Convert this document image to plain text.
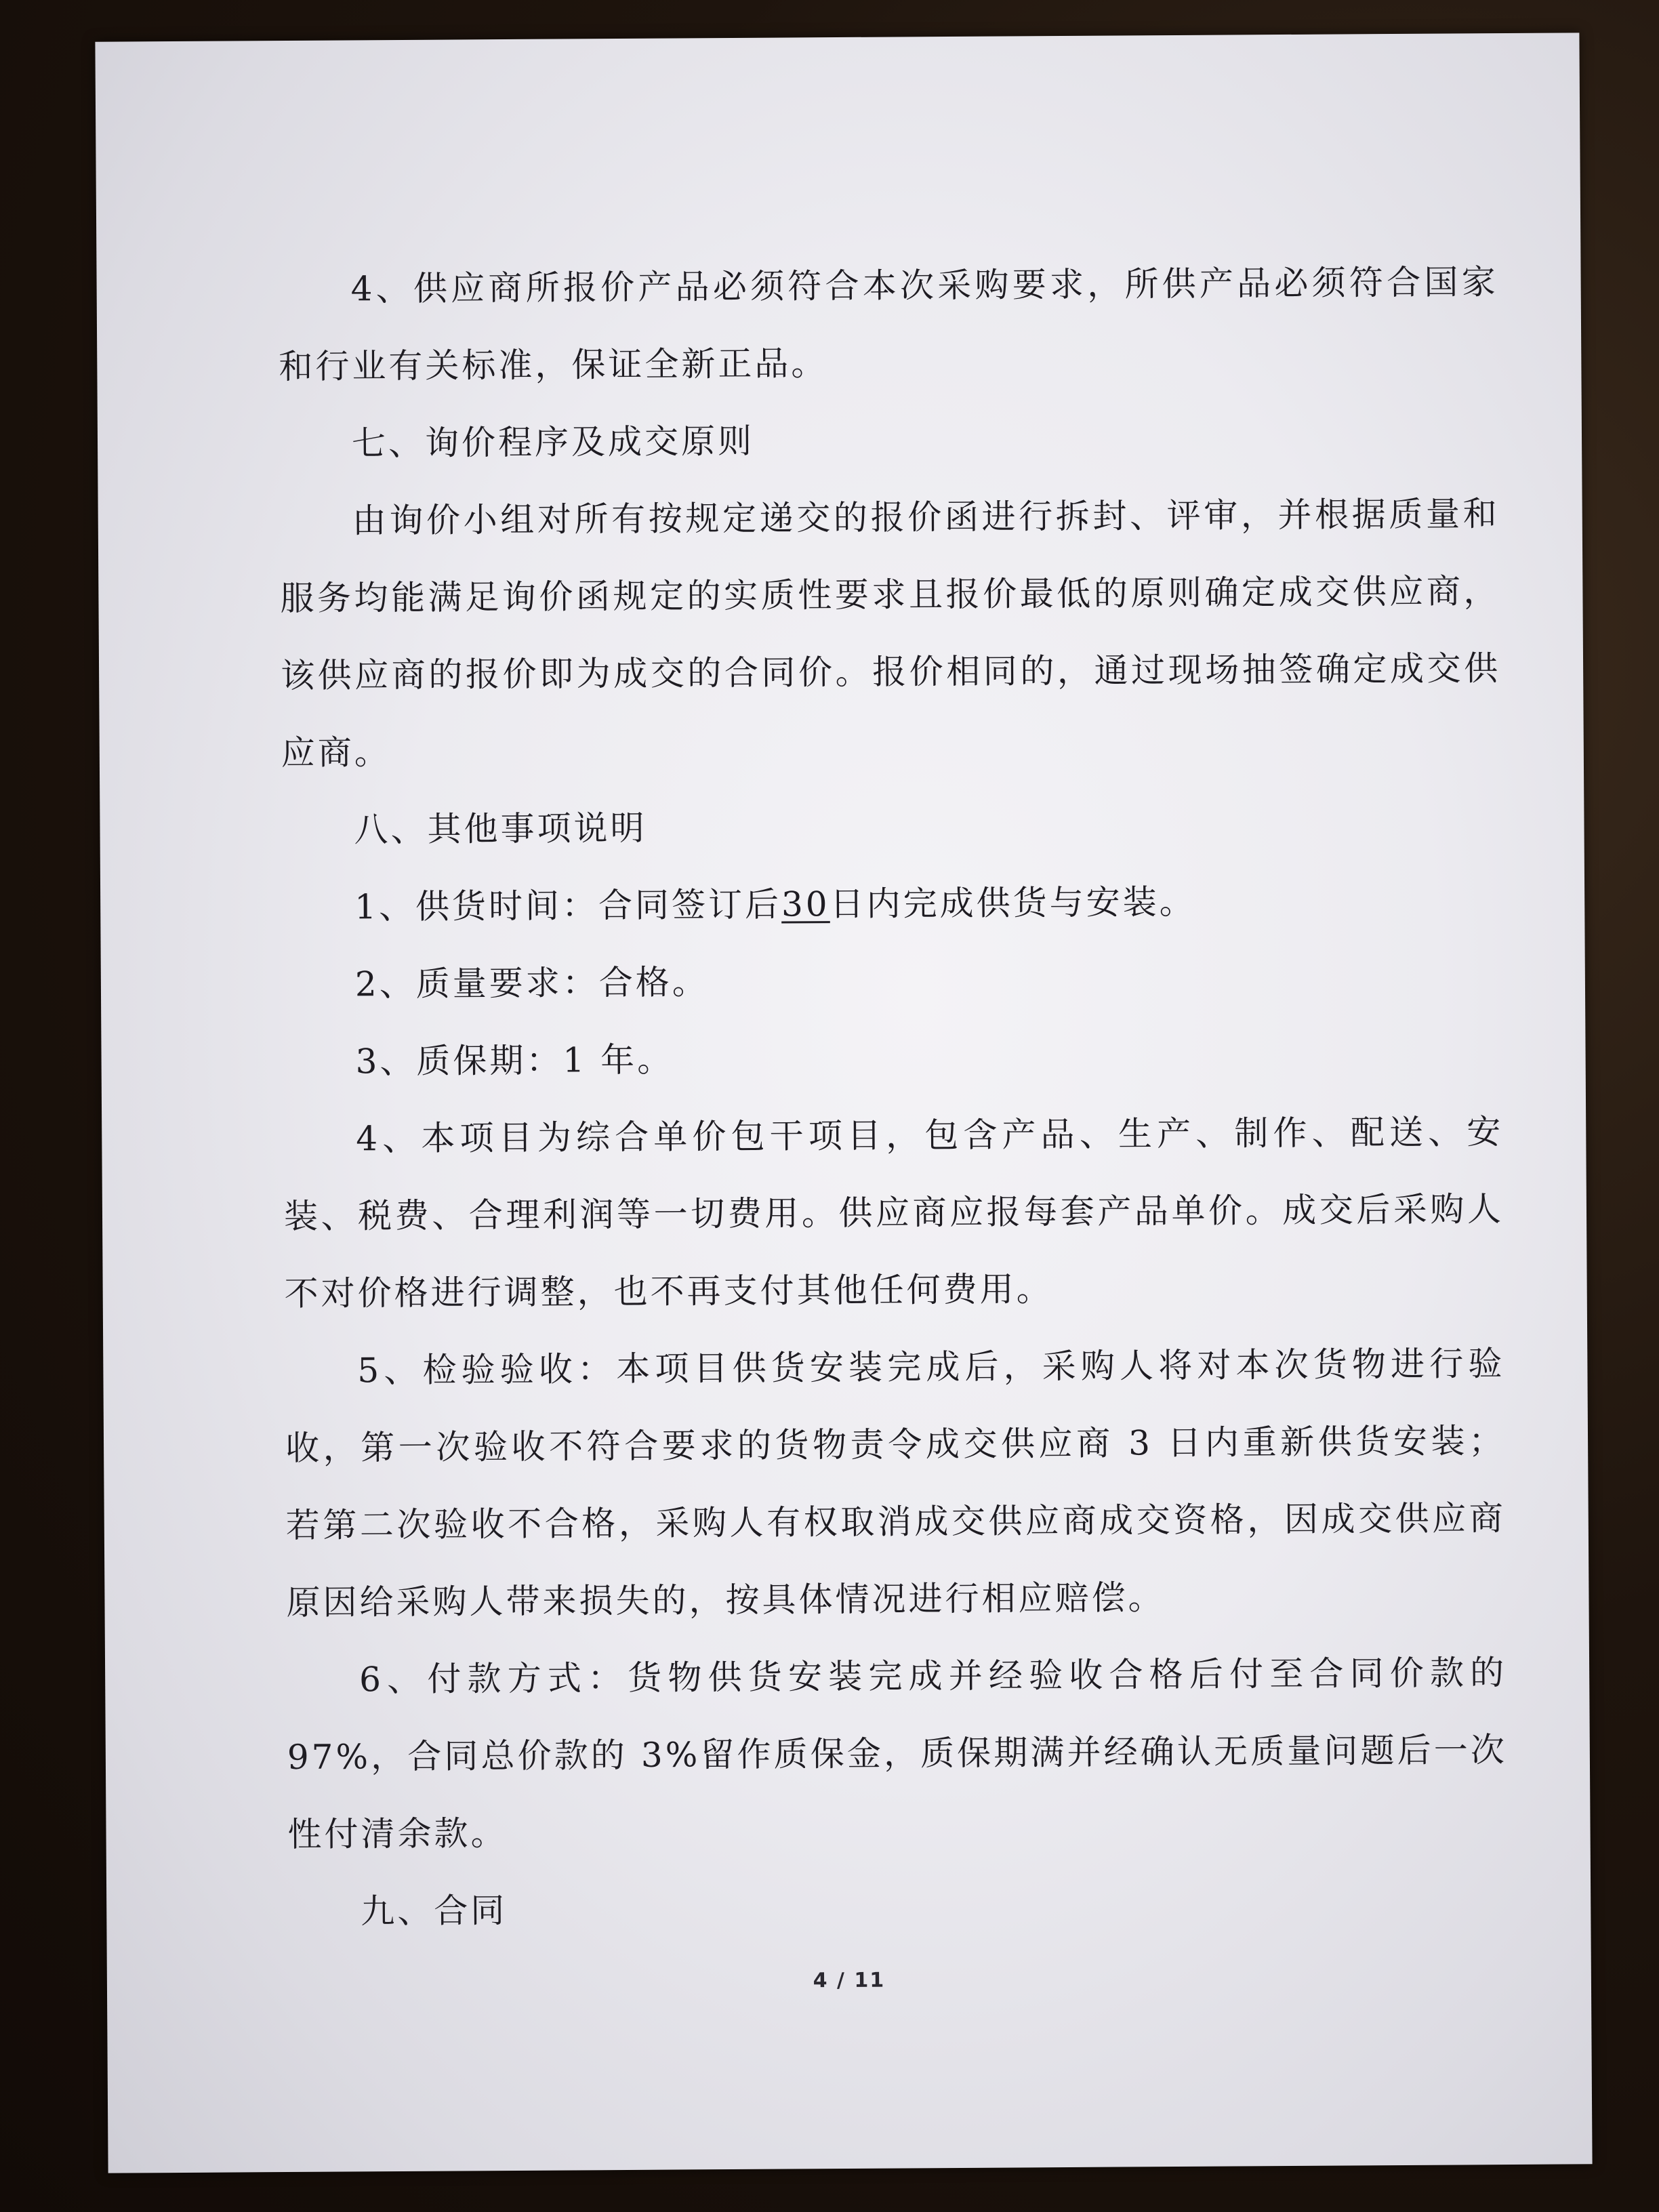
4、供应商所报价产品必须符合本次采购要求，所供产品必须符合国家和行业有关标准，保证全新正品。

七、询价程序及成交原则

由询价小组对所有按规定递交的报价函进行拆封、评审，并根据质量和服务均能满足询价函规定的实质性要求且报价最低的原则确定成交供应商，该供应商的报价即为成交的合同价。报价相同的，通过现场抽签确定成交供应商。

八、其他事项说明

1、供货时间：合同签订后30日内完成供货与安装。

2、质量要求：合格。

3、质保期：1 年。

4、本项目为综合单价包干项目，包含产品、生产、制作、配送、安装、税费、合理利润等一切费用。供应商应报每套产品单价。成交后采购人不对价格进行调整，也不再支付其他任何费用。

5、检验验收：本项目供货安装完成后，采购人将对本次货物进行验收，第一次验收不符合要求的货物责令成交供应商 3 日内重新供货安装；若第二次验收不合格，采购人有权取消成交供应商成交资格，因成交供应商原因给采购人带来损失的，按具体情况进行相应赔偿。

6、付款方式：货物供货安装完成并经验收合格后付至合同价款的 97%，合同总价款的 3%留作质保金，质保期满并经确认无质量问题后一次性付清余款。

九、合同

4 / 11
